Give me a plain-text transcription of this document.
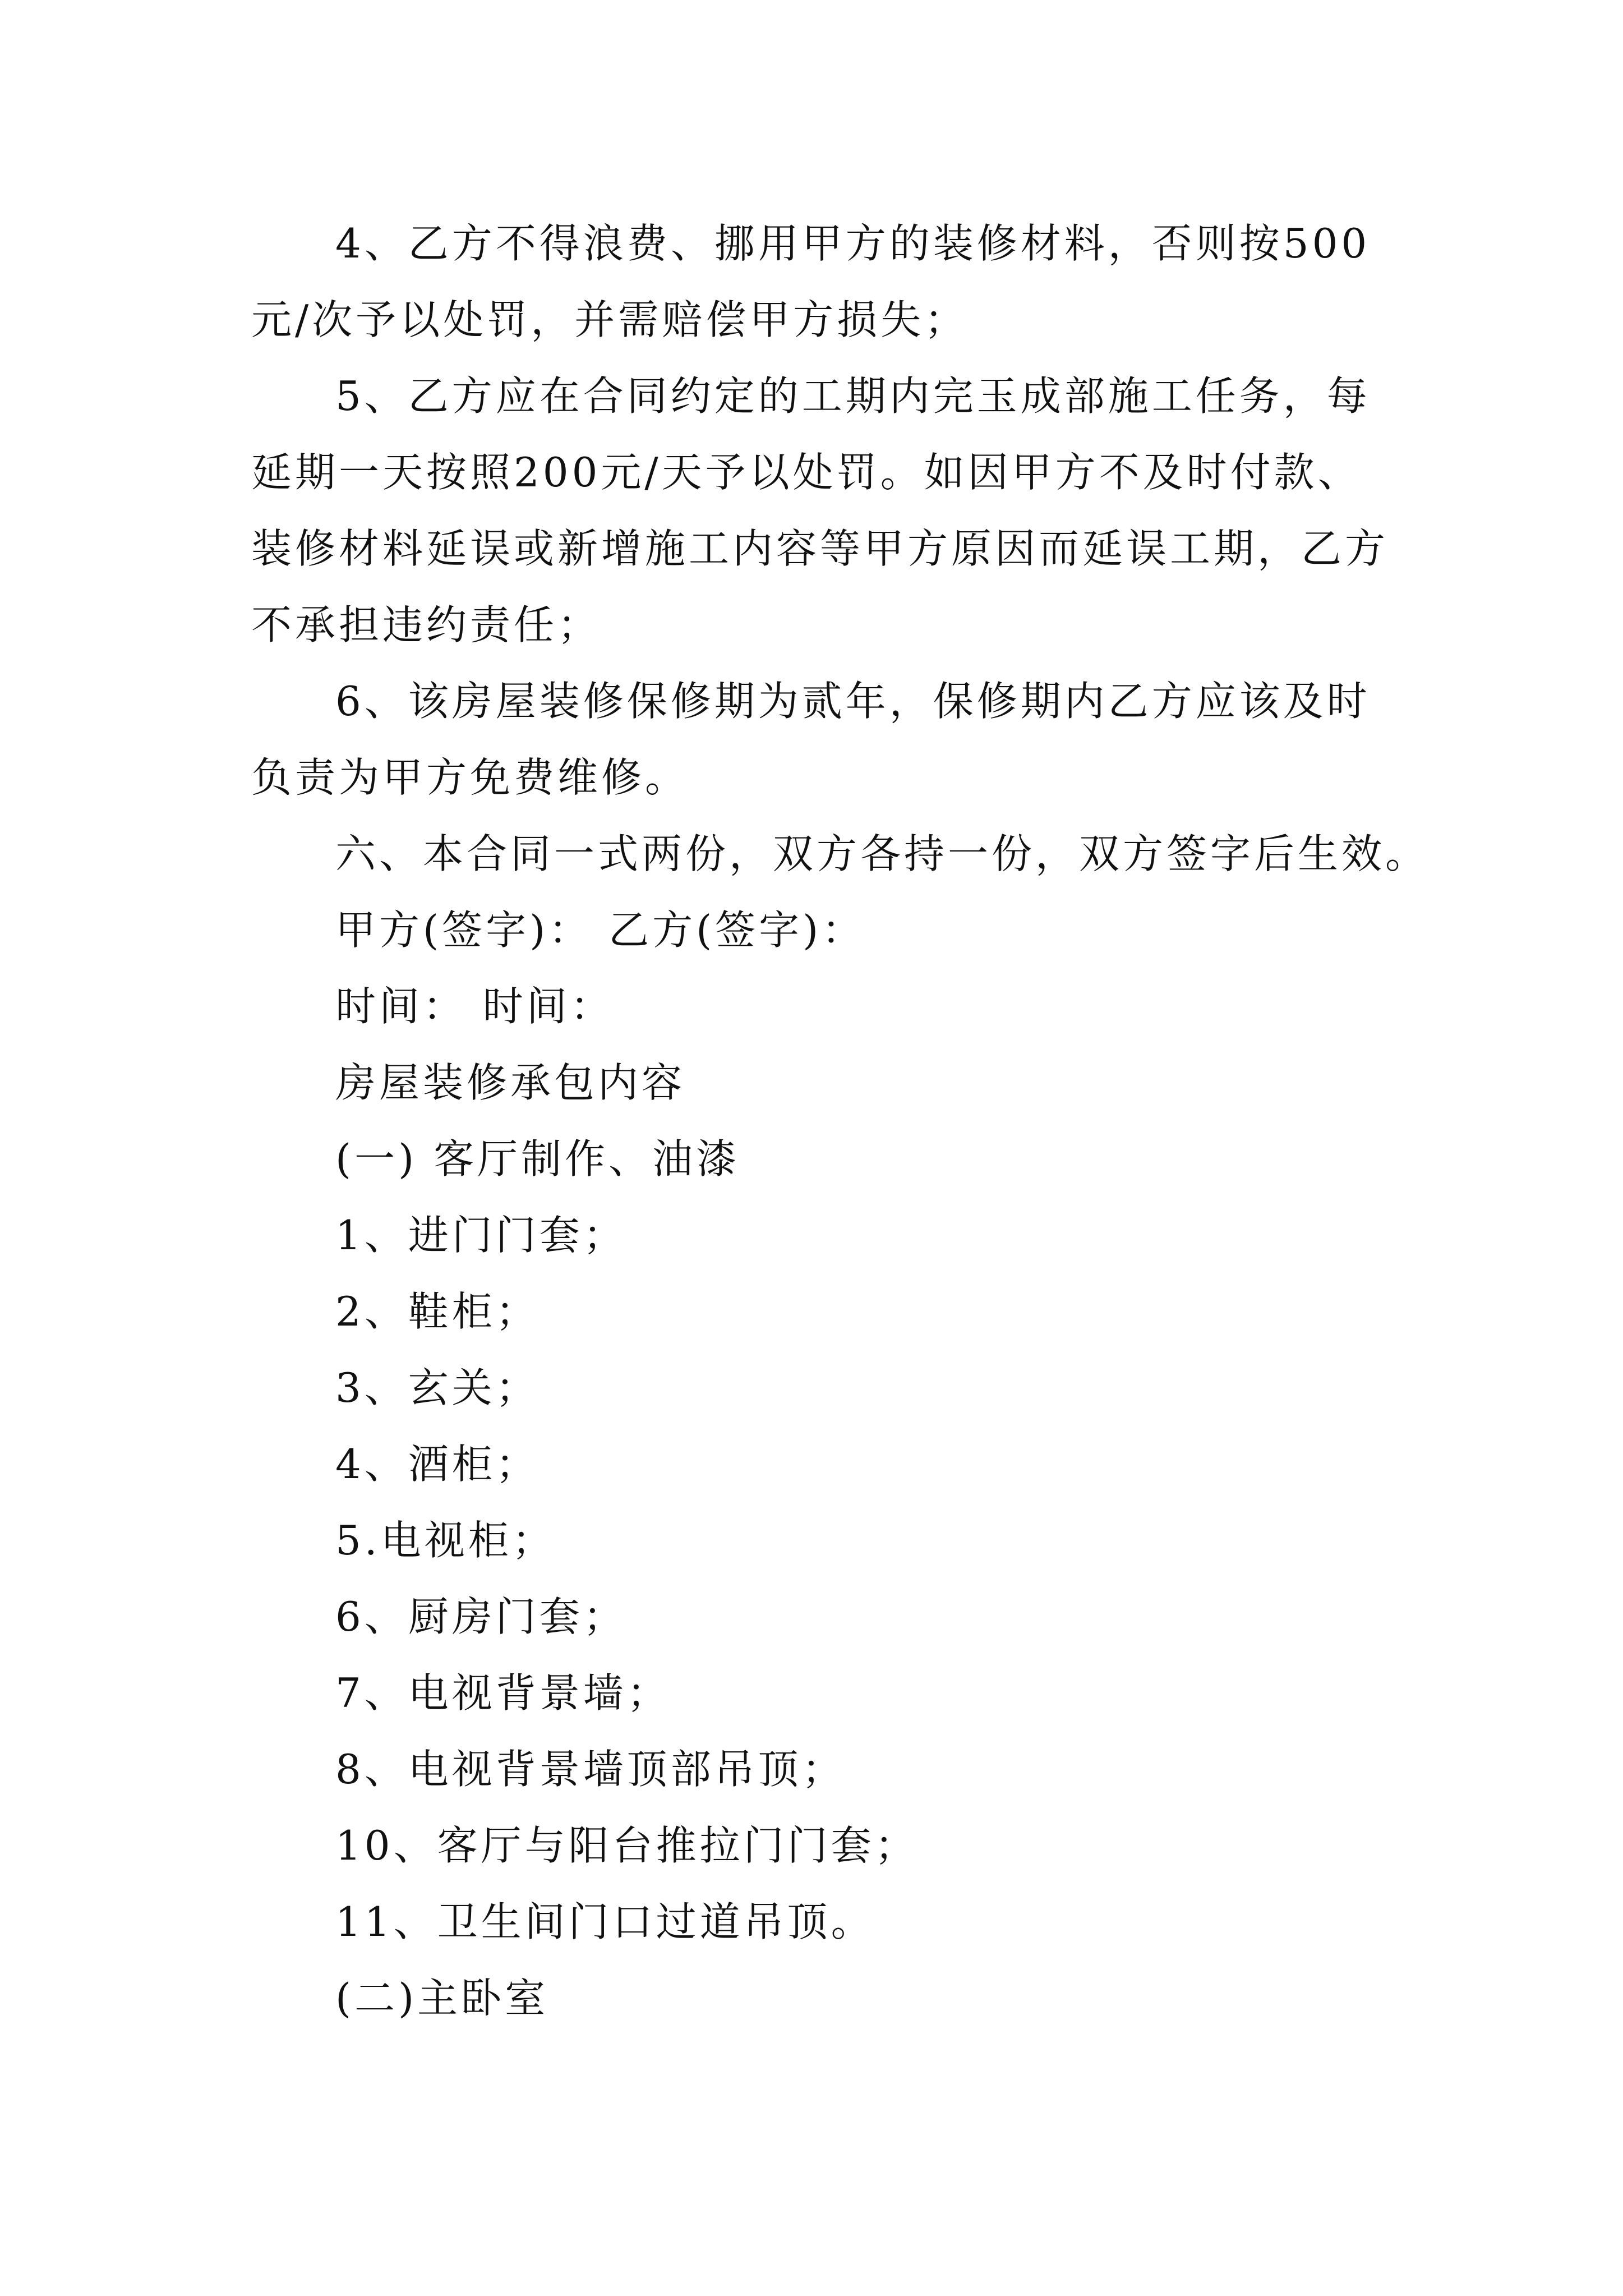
4、乙方不得浪费、挪用甲方的装修材料，否则按500
元/次予以处罚，并需赔偿甲方损失；
5、乙方应在合同约定的工期内完玉成部施工任务，每
延期一天按照200元/天予以处罚。如因甲方不及时付款、
装修材料延误或新增施工内容等甲方原因而延误工期，乙方
不承担违约责任；
6、该房屋装修保修期为贰年，保修期内乙方应该及时
负责为甲方免费维修。
六、本合同一式两份，双方各持一份，双方签字后生效。
甲方(签字)： 乙方(签字)：
时间： 时间：
房屋装修承包内容
(一) 客厅制作、油漆
1、进门门套；
2、鞋柜；
3、玄关；
4、酒柜；
5.电视柜；
6、厨房门套；
7、电视背景墙；
8、电视背景墙顶部吊顶；
10、客厅与阳台推拉门门套；
11、卫生间门口过道吊顶。
(二)主卧室
